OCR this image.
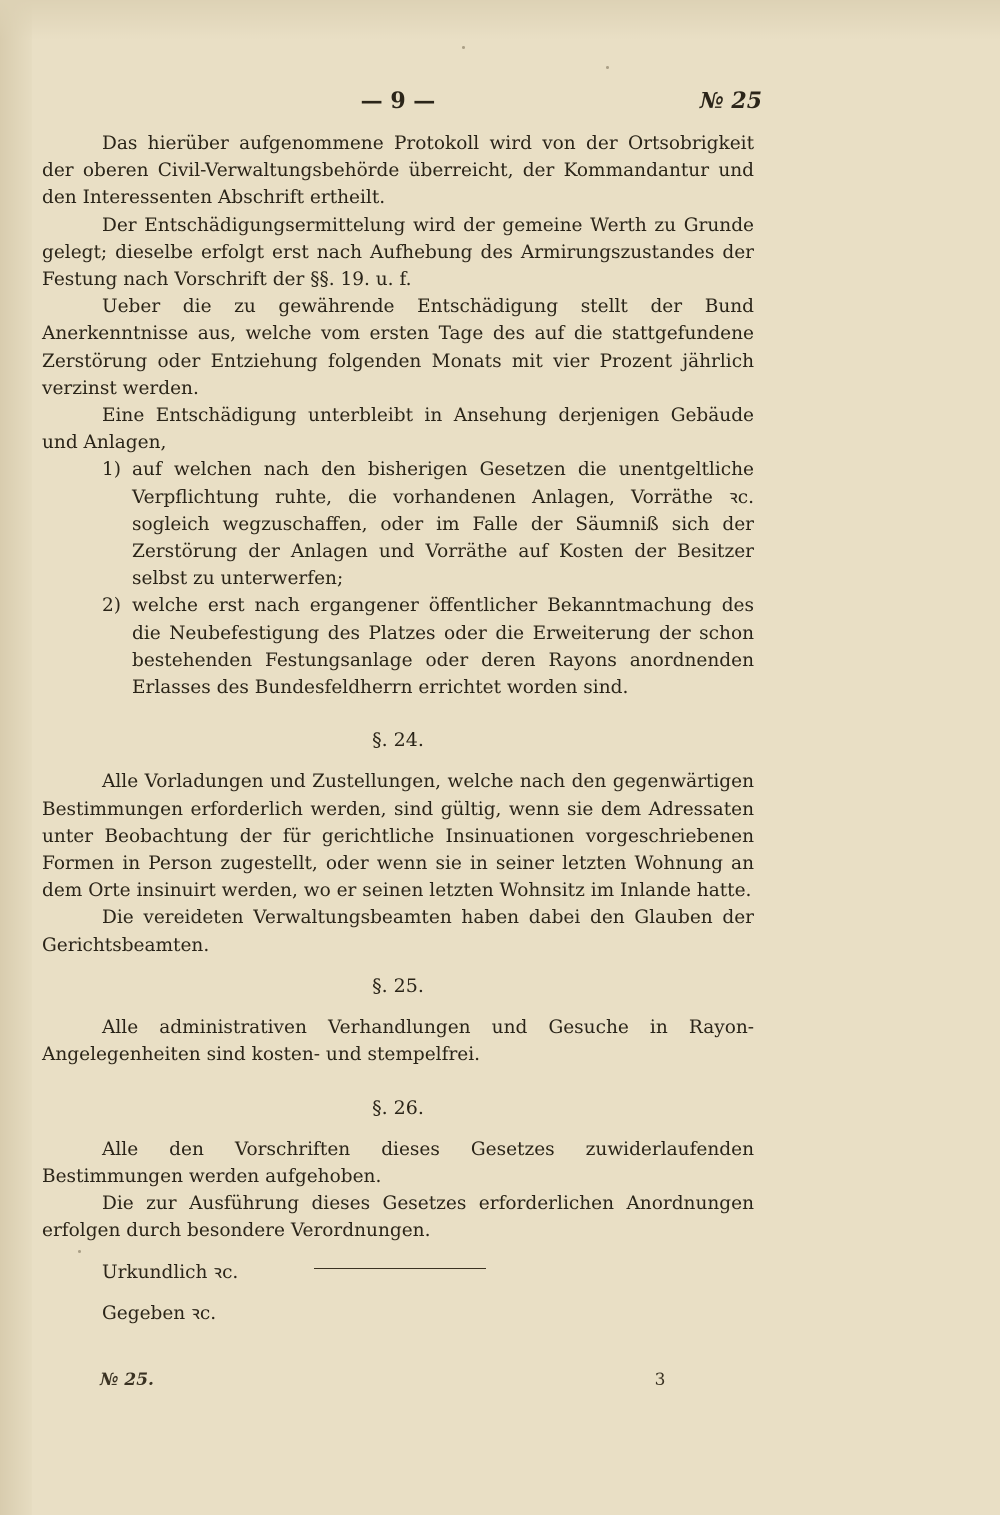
— 9 —	№ 25

Das hierüber aufgenommene Protokoll wird von der Ortsobrigkeit der oberen Civil-Verwaltungsbehörde überreicht, der Kommandantur und den Interessenten Abschrift ertheilt.

Der Entschädigungsermittelung wird der gemeine Werth zu Grunde gelegt; dieselbe erfolgt erst nach Aufhebung des Armirungszustandes der Festung nach Vorschrift der §§. 19. u. f.

Ueber die zu gewährende Entschädigung stellt der Bund Anerkenntnisse aus, welche vom ersten Tage des auf die stattgefundene Zerstörung oder Entziehung folgenden Monats mit vier Prozent jährlich verzinst werden.

Eine Entschädigung unterbleibt in Ansehung derjenigen Gebäude und Anlagen,

1) auf welchen nach den bisherigen Gesetzen die unentgeltliche Verpflichtung ruhte, die vorhandenen Anlagen, Vorräthe ꝛc. sogleich wegzuschaffen, oder im Falle der Säumniß sich der Zerstörung der Anlagen und Vorräthe auf Kosten der Besitzer selbst zu unterwerfen;

2) welche erst nach ergangener öffentlicher Bekanntmachung des die Neubefestigung des Platzes oder die Erweiterung der schon bestehenden Festungsanlage oder deren Rayons anordnenden Erlasses des Bundesfeldherrn errichtet worden sind.

§. 24.

Alle Vorladungen und Zustellungen, welche nach den gegenwärtigen Bestimmungen erforderlich werden, sind gültig, wenn sie dem Adressaten unter Beobachtung der für gerichtliche Insinuationen vorgeschriebenen Formen in Person zugestellt, oder wenn sie in seiner letzten Wohnung an dem Orte insinuirt werden, wo er seinen letzten Wohnsitz im Inlande hatte.

Die vereideten Verwaltungsbeamten haben dabei den Glauben der Gerichtsbeamten.

§. 25.

Alle administrativen Verhandlungen und Gesuche in Rayon-Angelegenheiten sind kosten- und stempelfrei.

§. 26.

Alle den Vorschriften dieses Gesetzes zuwiderlaufenden Bestimmungen werden aufgehoben.

Die zur Ausführung dieses Gesetzes erforderlichen Anordnungen erfolgen durch besondere Verordnungen.

Urkundlich ꝛc.

Gegeben ꝛc.

№ 25.	3
